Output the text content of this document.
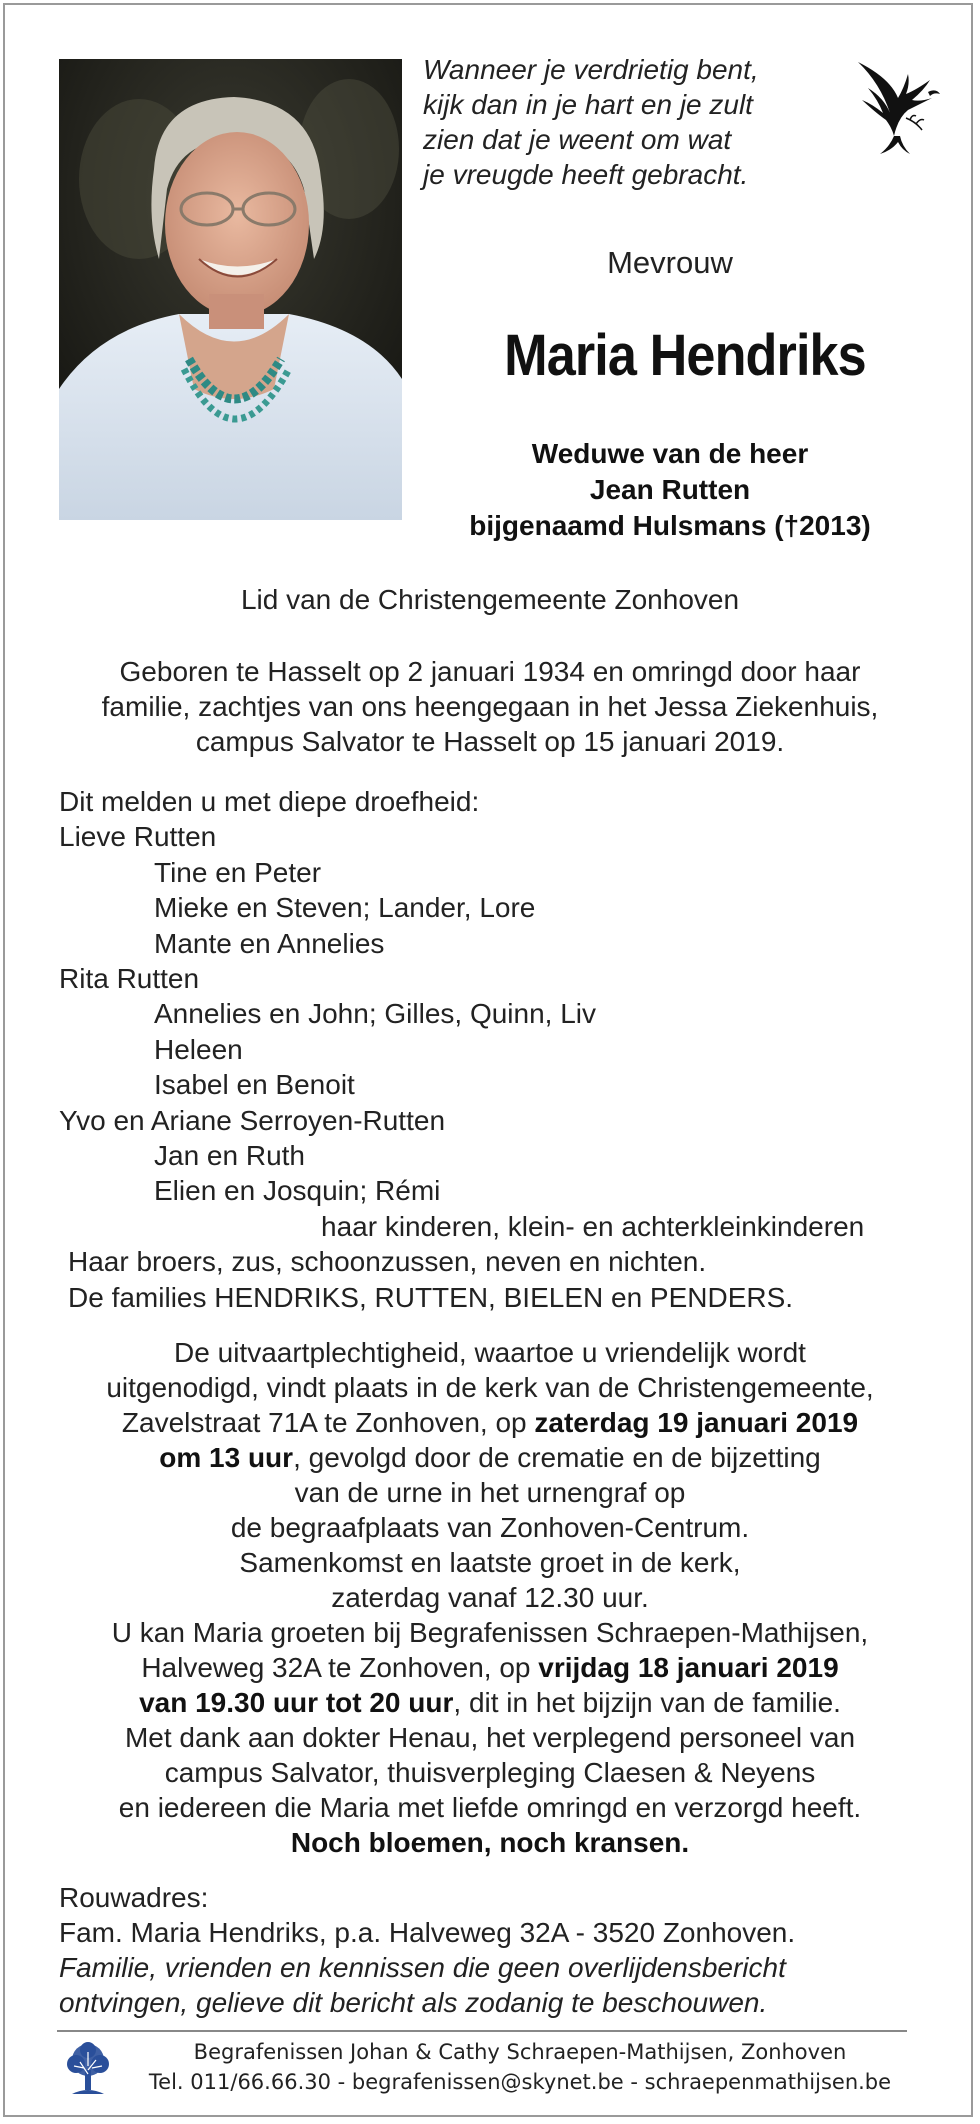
Wanneer je verdrietig bent,
kijk dan in je hart en je zult
zien dat je weent om wat
je vreugde heeft gebracht.
Mevrouw
Maria Hendriks
Weduwe van de heer
Jean Rutten
bijgenaamd Hulsmans (†2013)
Lid van de Christengemeente Zonhoven
Geboren te Hasselt op 2 januari 1934 en omringd door haar
familie, zachtjes van ons heengegaan in het Jessa Ziekenhuis,
campus Salvator te Hasselt op 15 januari 2019.
Dit melden u met diepe droefheid:
Lieve Rutten
Tine en Peter
Mieke en Steven; Lander, Lore
Mante en Annelies
Rita Rutten
Annelies en John; Gilles, Quinn, Liv
Heleen
Isabel en Benoit
Yvo en Ariane Serroyen-Rutten
Jan en Ruth
Elien en Josquin; Rémi
haar kinderen, klein- en achterkleinkinderen
Haar broers, zus, schoonzussen, neven en nichten.
De families HENDRIKS, RUTTEN, BIELEN en PENDERS.
De uitvaartplechtigheid, waartoe u vriendelijk wordt
uitgenodigd, vindt plaats in de kerk van de Christengemeente,
Zavelstraat 71A te Zonhoven, op zaterdag 19 januari 2019
om 13 uur, gevolgd door de crematie en de bijzetting
van de urne in het urnengraf op
de begraafplaats van Zonhoven-Centrum.
Samenkomst en laatste groet in de kerk,
zaterdag vanaf 12.30 uur.
U kan Maria groeten bij Begrafenissen Schraepen-Mathijsen,
Halveweg 32A te Zonhoven, op vrijdag 18 januari 2019
van 19.30 uur tot 20 uur, dit in het bijzijn van de familie.
Met dank aan dokter Henau, het verplegend personeel van
campus Salvator, thuisverpleging Claesen & Neyens
en iedereen die Maria met liefde omringd en verzorgd heeft.
Noch bloemen, noch kransen.
Rouwadres:
Fam. Maria Hendriks, p.a. Halveweg 32A - 3520 Zonhoven.
Familie, vrienden en kennissen die geen overlijdensbericht
ontvingen, gelieve dit bericht als zodanig te beschouwen.
Begrafenissen Johan & Cathy Schraepen-Mathijsen, Zonhoven
Tel. 011/66.66.30 - begrafenissen@skynet.be - schraepenmathijsen.be
